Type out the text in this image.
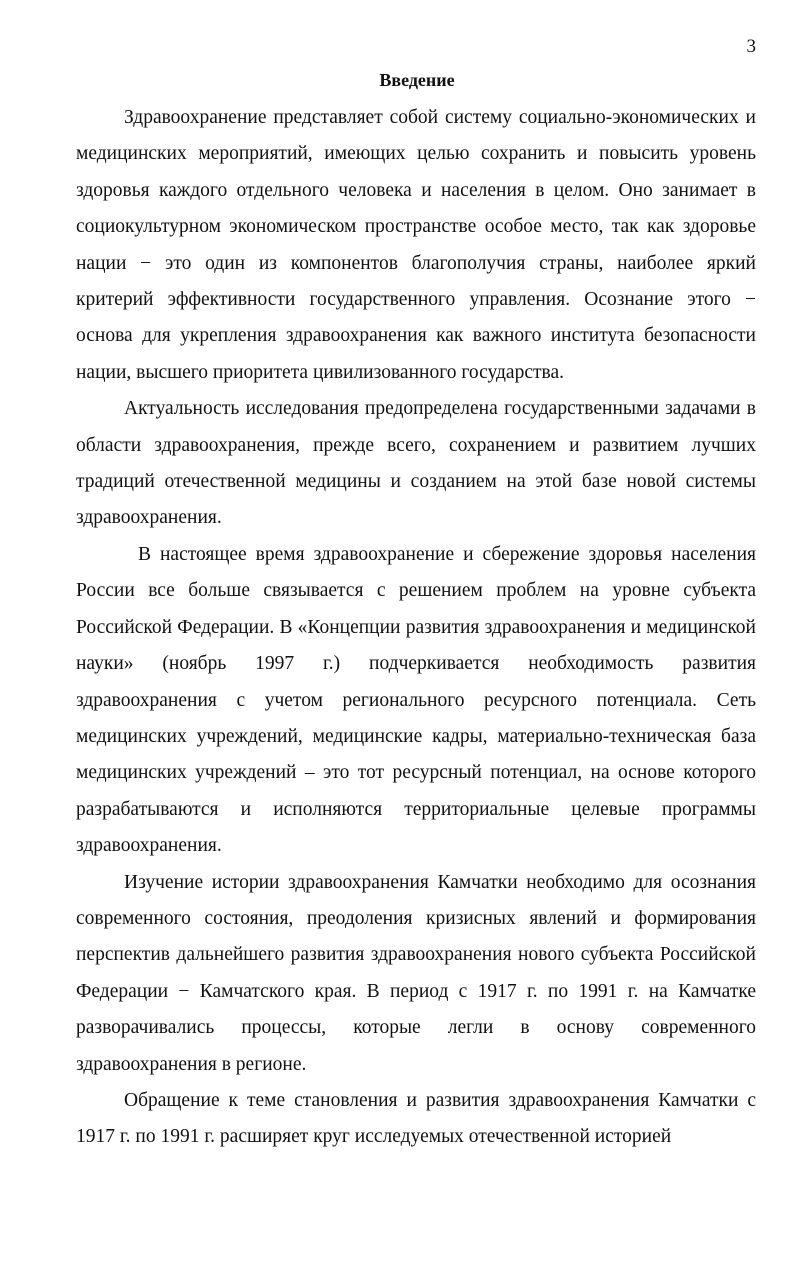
3
Введение

Здравоохранение представляет собой систему социально-экономических и медицинских мероприятий, имеющих целью сохранить и повысить уровень здоровья каждого отдельного человека и населения в целом. Оно занимает в социокультурном экономическом пространстве особое место, так как здоровье нации − это один из компонентов благополучия страны, наиболее яркий критерий эффективности государственного управления. Осознание этого − основа для укрепления здравоохранения как важного института безопасности нации, высшего приоритета цивилизованного государства.

Актуальность исследования предопределена государственными задачами в области здравоохранения, прежде всего, сохранением и развитием лучших традиций отечественной медицины и созданием на этой базе новой системы здравоохранения.

В настоящее время здравоохранение и сбережение здоровья населения России все больше связывается с решением проблем на уровне субъекта Российской Федерации. В «Концепции развития здравоохранения и медицинской науки» (ноябрь 1997 г.) подчеркивается необходимость развития здравоохранения с учетом регионального ресурсного потенциала. Сеть медицинских учреждений, медицинские кадры, материально-техническая база медицинских учреждений – это тот ресурсный потенциал, на основе которого разрабатываются и исполняются территориальные целевые программы здравоохранения.

Изучение истории здравоохранения Камчатки необходимо для осознания современного состояния, преодоления кризисных явлений и формирования перспектив дальнейшего развития здравоохранения нового субъекта Российской Федерации − Камчатского края. В период с 1917 г. по 1991 г. на Камчатке разворачивались процессы, которые легли в основу современного здравоохранения в регионе.

Обращение к теме становления и развития здравоохранения Камчатки с 1917 г. по 1991 г. расширяет круг исследуемых отечественной историей
